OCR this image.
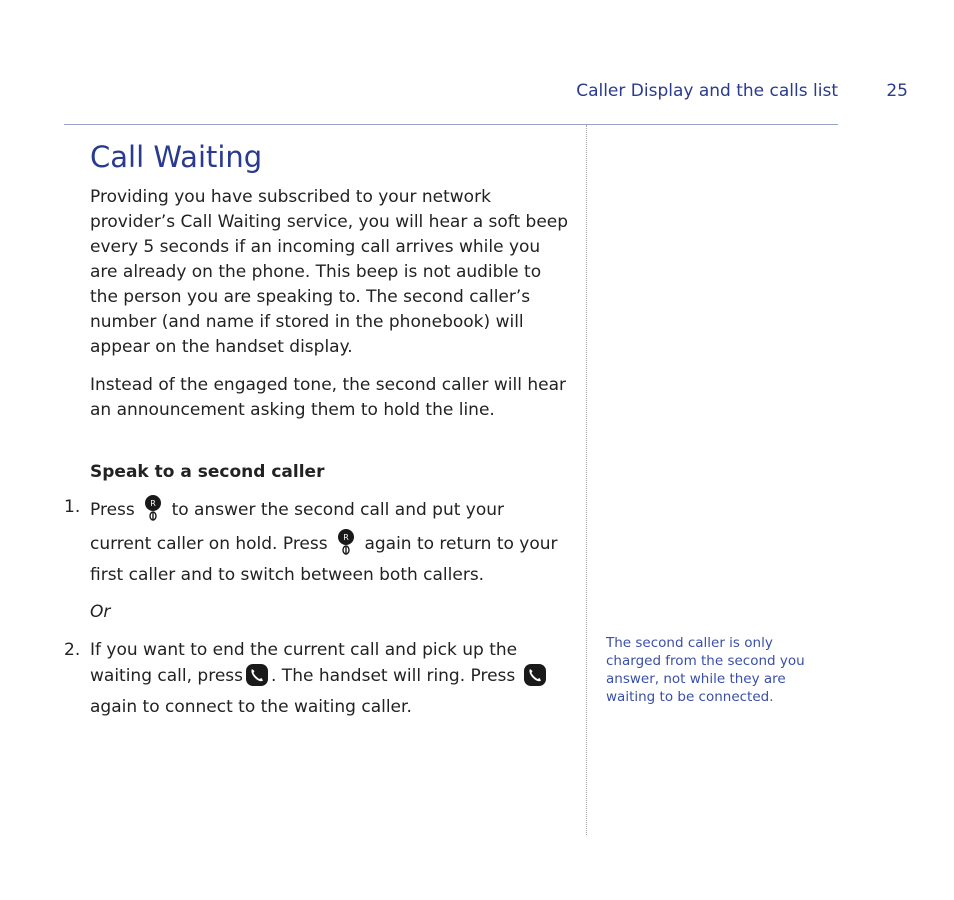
Caller Display and the calls list	25
Call Waiting

Providing you have subscribed to your network provider’s Call Waiting service, you will hear a soft beep every 5 seconds if an incoming call arrives while you are already on the phone. This beep is not audible to the person you are speaking to. The second caller’s number (and name if stored in the phonebook) will appear on the handset display.

Instead of the engaged tone, the second caller will hear an announcement asking them to hold the line.

Speak to a second caller
1. Press R to answer the second call and put your current caller on hold. Press R again to return to your first caller and to switch between both callers.
Or
2. If you want to end the current call and pick up the waiting call, press . The handset will ring. Press  again to connect to the waiting caller.
The second caller is only charged from the second you answer, not while they are waiting to be connected.
